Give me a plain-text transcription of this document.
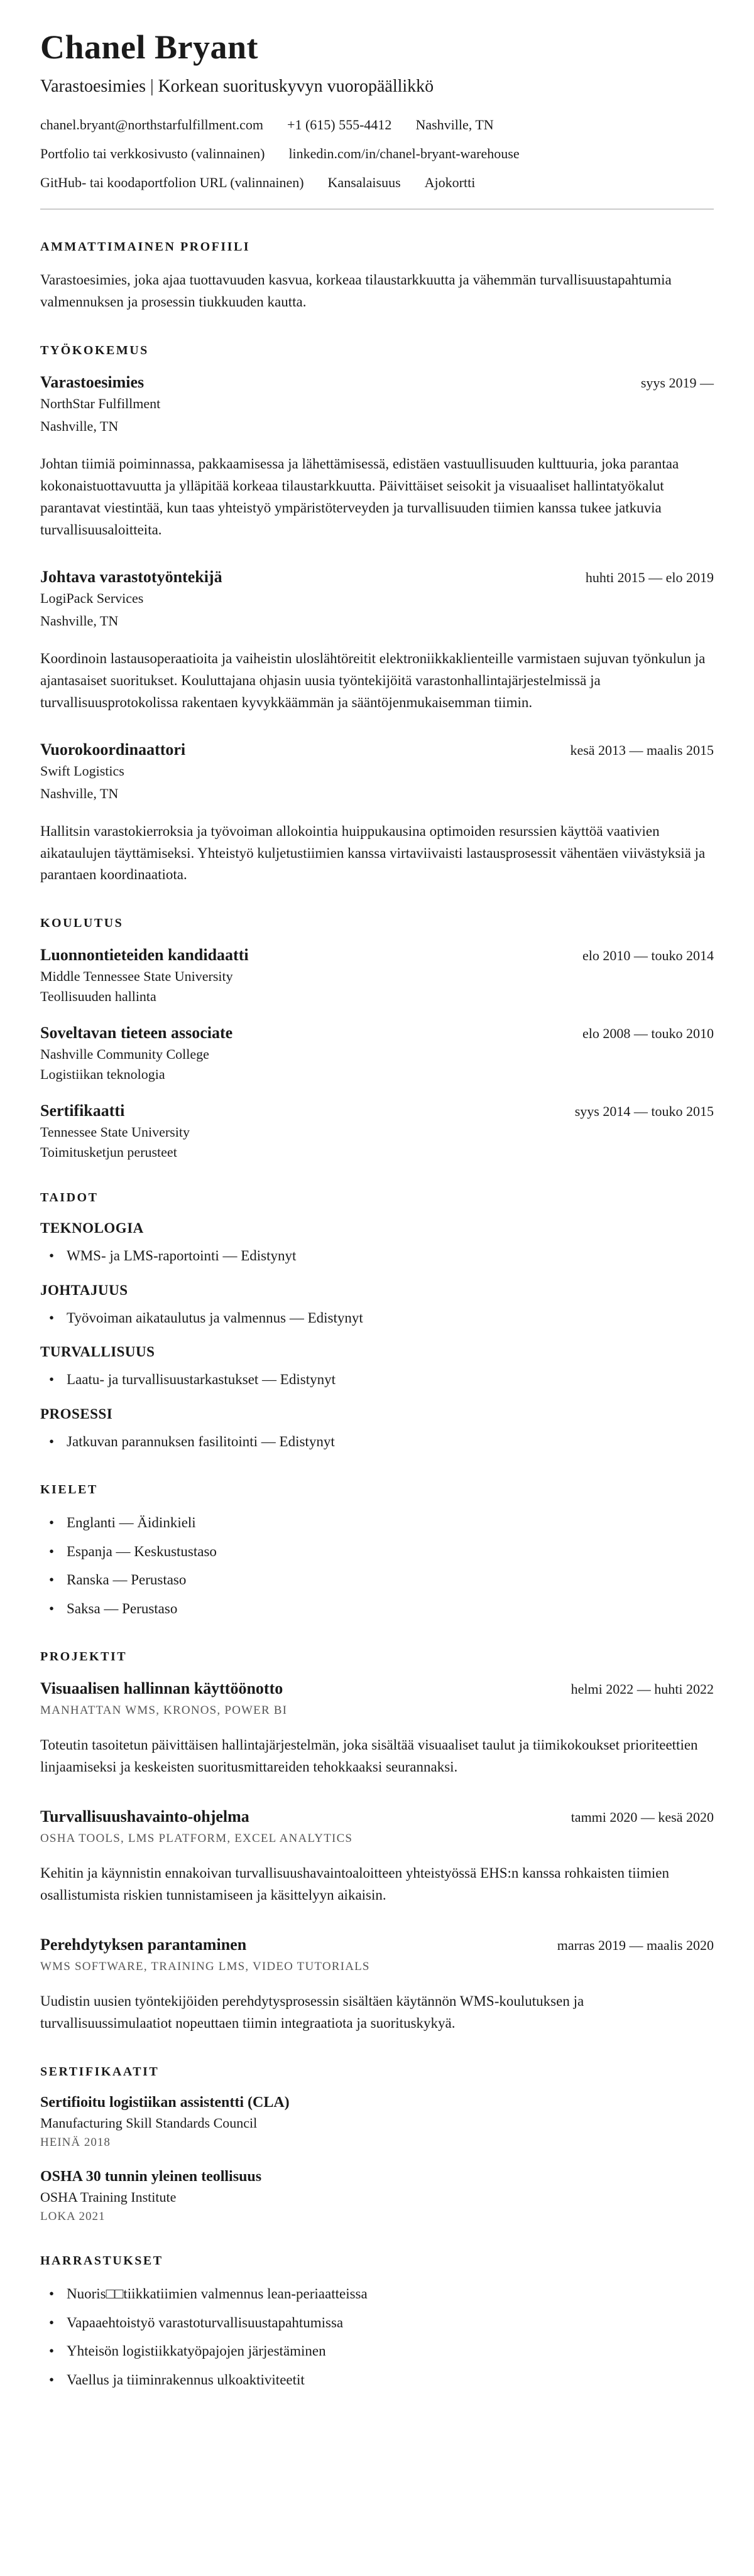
Chanel Bryant
Varastoesimies | Korkean suorituskyvyn vuoropäällikkö
chanel.bryant@northstarfulfillment.com +1 (615) 555-4412 Nashville, TN
Portfolio tai verkkosivusto (valinnainen) linkedin.com/in/chanel-bryant-warehouse
GitHub- tai koodaportfolion URL (valinnainen) Kansalaisuus Ajokortti
AMMATTIMAINEN PROFIILI

Varastoesimies, joka ajaa tuottavuuden kasvua, korkeaa tilaustarkkuutta ja vähemmän turvallisuustapahtumia valmennuksen ja prosessin tiukkuuden kautta.

TYÖKOKEMUS
Varastoesimies	syys 2019 —
NorthStar Fulfillment
Nashville, TN

Johtan tiimiä poiminnassa, pakkaamisessa ja lähettämisessä, edistäen vastuullisuuden kulttuuria, joka parantaa kokonaistuottavuutta ja ylläpitää korkeaa tilaustarkkuutta. Päivittäiset seisokit ja visuaaliset hallintatyökalut parantavat viestintää, kun taas yhteistyö ympäristöterveyden ja turvallisuuden tiimien kanssa tukee jatkuvia turvallisuusaloitteita.

Johtava varastotyöntekijä	huhti 2015 — elo 2019
LogiPack Services
Nashville, TN

Koordinoin lastausoperaatioita ja vaiheistin uloslähtöreitit elektroniikkaklienteille varmistaen sujuvan työnkulun ja ajantasaiset suoritukset. Kouluttajana ohjasin uusia työntekijöitä varastonhallintajärjestelmissä ja turvallisuusprotokolissa rakentaen kyvykkäämmän ja sääntöjenmukaisemman tiimin.

Vuorokoordinaattori	kesä 2013 — maalis 2015
Swift Logistics
Nashville, TN

Hallitsin varastokierroksia ja työvoiman allokointia huippukausina optimoiden resurssien käyttöä vaativien aikataulujen täyttämiseksi. Yhteistyö kuljetustiimien kanssa virtaviivaisti lastausprosessit vähentäen viivästyksiä ja parantaen koordinaatiota.

KOULUTUS
Luonnontieteiden kandidaatti	elo 2010 — touko 2014
Middle Tennessee State University
Teollisuuden hallinta
Soveltavan tieteen associate	elo 2008 — touko 2010
Nashville Community College
Logistiikan teknologia
Sertifikaatti	syys 2014 — touko 2015
Tennessee State University
Toimitusketjun perusteet
TAIDOT
TEKNOLOGIA
•
WMS- ja LMS-raportointi — Edistynyt
JOHTAJUUS
•
Työvoiman aikataulutus ja valmennus — Edistynyt
TURVALLISUUS
•
Laatu- ja turvallisuustarkastukset — Edistynyt
PROSESSI
•
Jatkuvan parannuksen fasilitointi — Edistynyt
KIELET
•
Englanti — Äidinkieli
•
Espanja — Keskustustaso
•
Ranska — Perustaso
•
Saksa — Perustaso
PROJEKTIT
Visuaalisen hallinnan käyttöönotto	helmi 2022 — huhti 2022
MANHATTAN WMS, KRONOS, POWER BI

Toteutin tasoitetun päivittäisen hallintajärjestelmän, joka sisältää visuaaliset taulut ja tiimikokoukset prioriteettien linjaamiseksi ja keskeisten suoritusmittareiden tehokkaaksi seurannaksi.

Turvallisuushavainto-ohjelma	tammi 2020 — kesä 2020
OSHA TOOLS, LMS PLATFORM, EXCEL ANALYTICS

Kehitin ja käynnistin ennakoivan turvallisuushavaintoaloitteen yhteistyössä EHS:n kanssa rohkaisten tiimien osallistumista riskien tunnistamiseen ja käsittelyyn aikaisin.

Perehdytyksen parantaminen	marras 2019 — maalis 2020
WMS SOFTWARE, TRAINING LMS, VIDEO TUTORIALS

Uudistin uusien työntekijöiden perehdytysprosessin sisältäen käytännön WMS-koulutuksen ja turvallisuussimulaatiot nopeuttaen tiimin integraatiota ja suorituskykyä.

SERTIFIKAATIT
Sertifioitu logistiikan assistentti (CLA)
Manufacturing Skill Standards Council
HEINÄ 2018
OSHA 30 tunnin yleinen teollisuus
OSHA Training Institute
LOKA 2021
HARRASTUKSET
•
Nuoris□□tiikkatiimien valmennus lean-periaatteissa
•
Vapaaehtoistyö varastoturvallisuustapahtumissa
•
Yhteisön logistiikkatyöpajojen järjestäminen
•
Vaellus ja tiiminrakennus ulkoaktiviteetit
